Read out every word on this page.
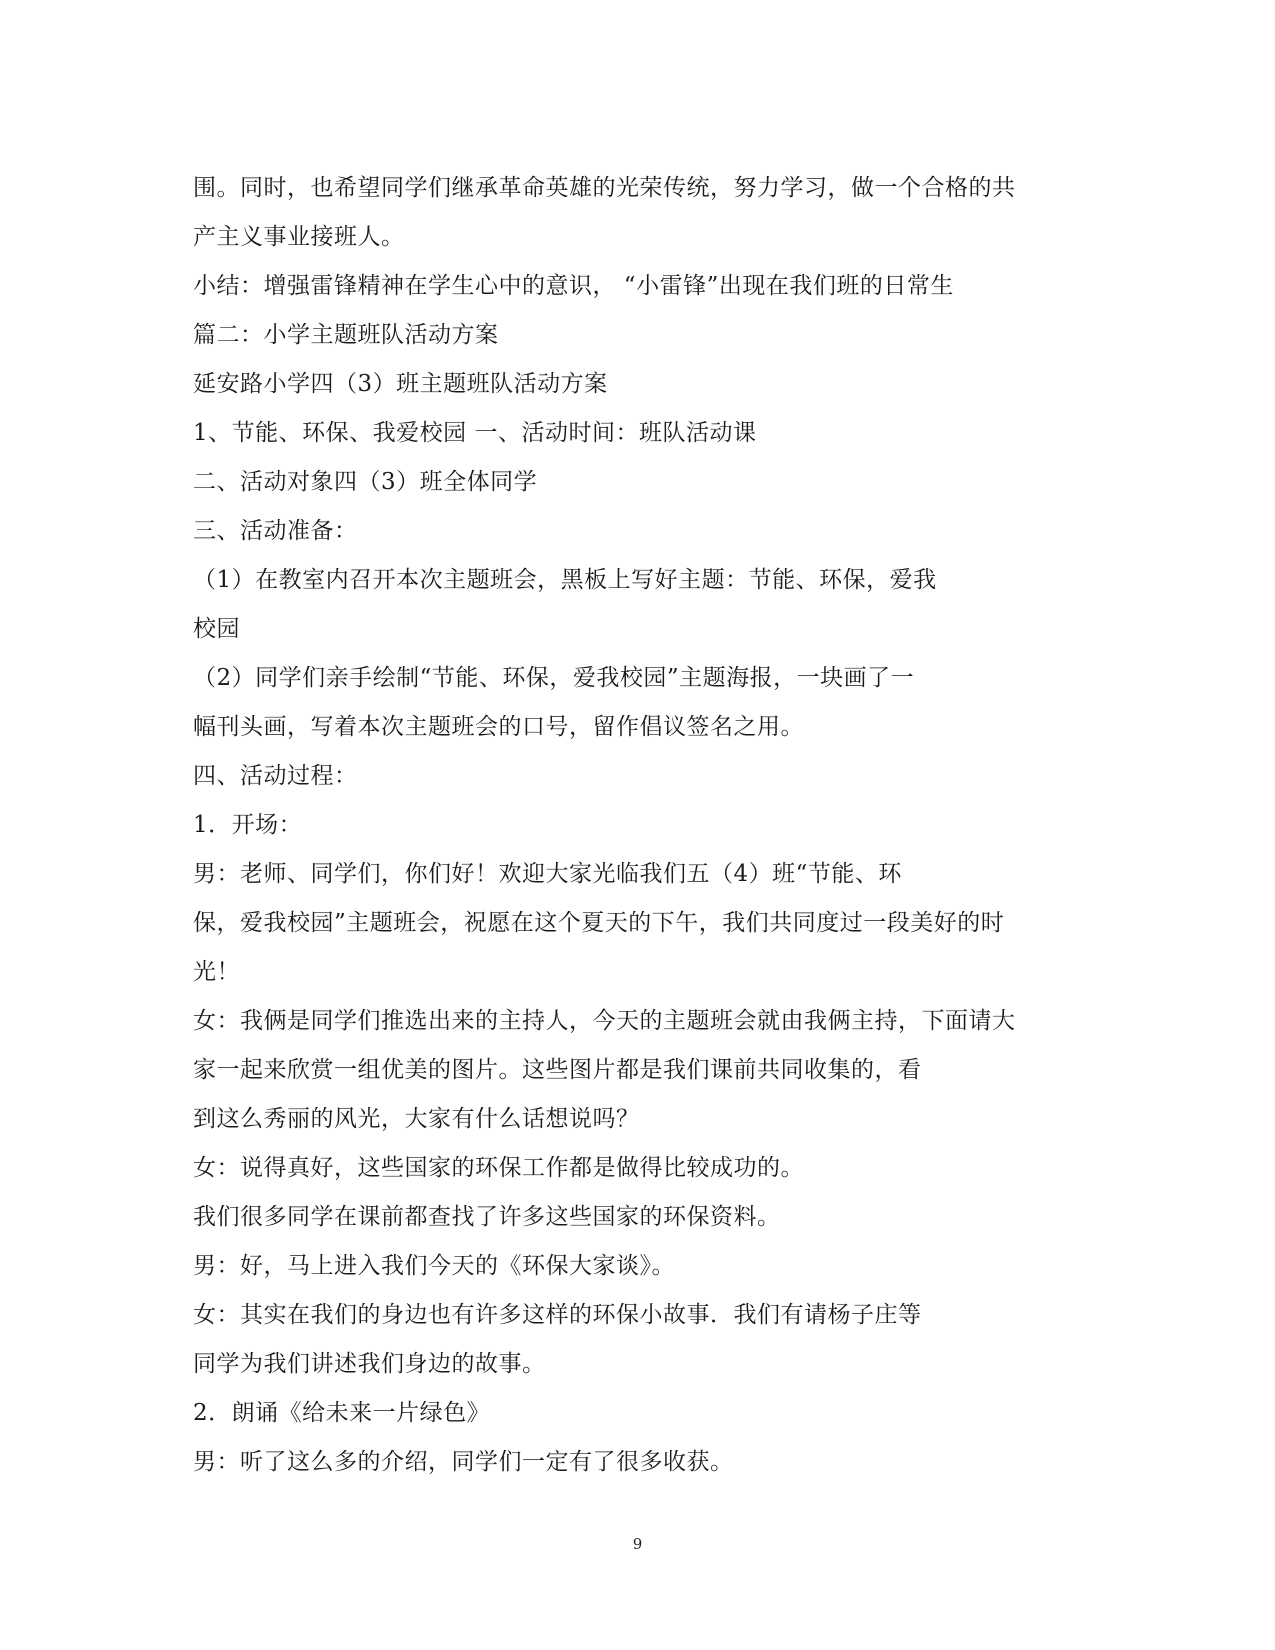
围。同时，也希望同学们继承革命英雄的光荣传统，努力学习，做一个合格的共
产主义事业接班人。
小结：增强雷锋精神在学生心中的意识， “小雷锋”出现在我们班的日常生
篇二：小学主题班队活动方案
延安路小学四（3）班主题班队活动方案
1、节能、环保、我爱校园 一、活动时间：班队活动课
二、活动对象四（3）班全体同学
三、活动准备：
（1）在教室内召开本次主题班会，黑板上写好主题：节能、环保，爱我
校园
（2）同学们亲手绘制“节能、环保，爱我校园”主题海报，一块画了一
幅刊头画，写着本次主题班会的口号，留作倡议签名之用。
四、活动过程：
1．开场：
男：老师、同学们，你们好！欢迎大家光临我们五（4）班“节能、环
保，爱我校园”主题班会，祝愿在这个夏天的下午，我们共同度过一段美好的时
光！
女：我俩是同学们推选出来的主持人，今天的主题班会就由我俩主持，下面请大
家一起来欣赏一组优美的图片。这些图片都是我们课前共同收集的，看
到这么秀丽的风光，大家有什么话想说吗？
女：说得真好，这些国家的环保工作都是做得比较成功的。
我们很多同学在课前都查找了许多这些国家的环保资料。
男：好，马上进入我们今天的《环保大家谈》。
女：其实在我们的身边也有许多这样的环保小故事．我们有请杨子庄等
同学为我们讲述我们身边的故事。
2．朗诵《给未来一片绿色》
男：听了这么多的介绍，同学们一定有了很多收获。
9
